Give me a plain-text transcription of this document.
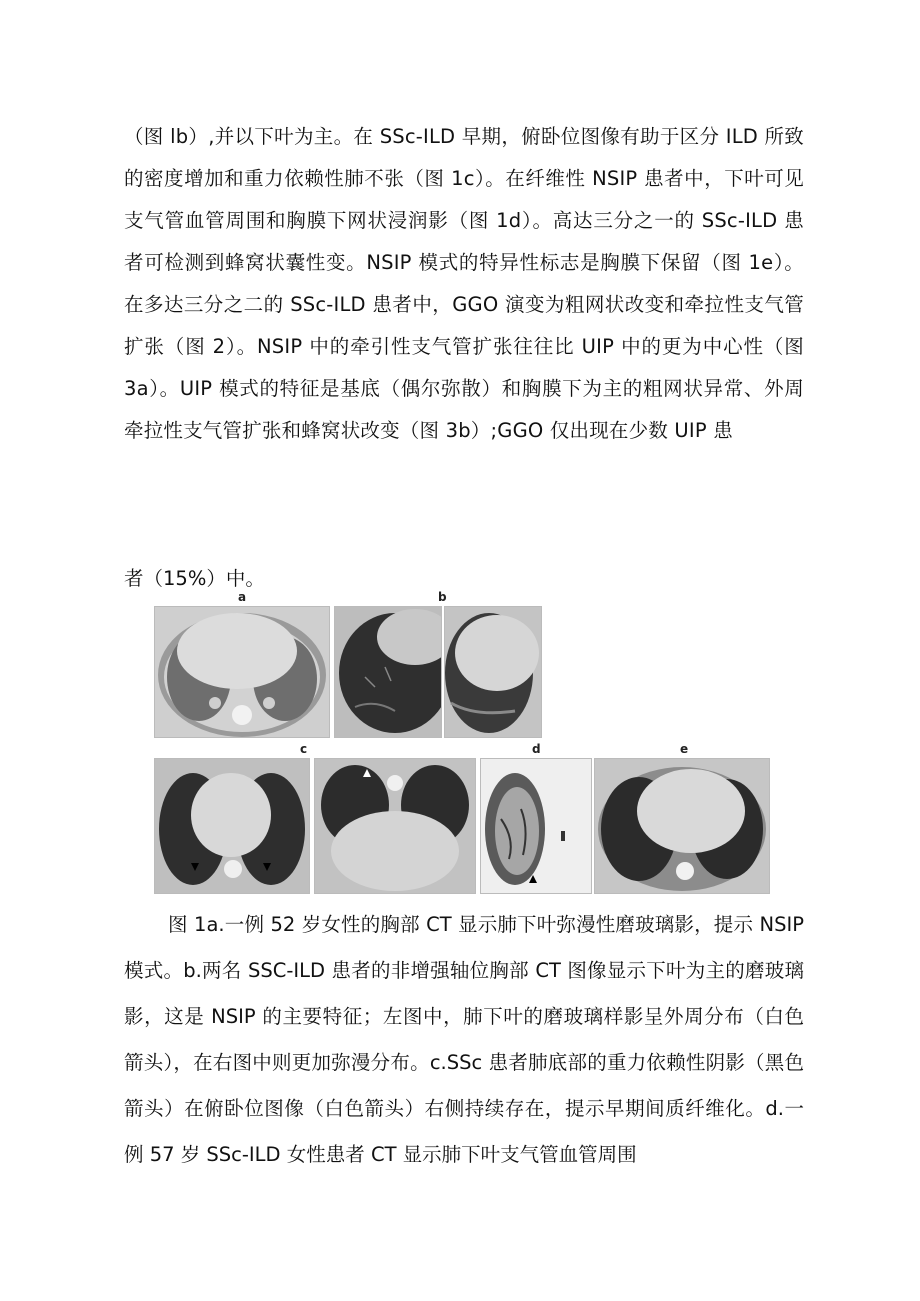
（图 lb）,并以下叶为主。在 SSc-ILD 早期，俯卧位图像有助于区分 ILD 所致的密度增加和重力依赖性肺不张（图 1c）。在纤维性 NSIP 患者中，下叶可见支气管血管周围和胸膜下网状浸润影（图 1d）。高达三分之一的 SSc-ILD 患者可检测到蜂窝状囊性变。NSIP 模式的特异性标志是胸膜下保留（图 1e）。在多达三分之二的 SSc-ILD 患者中，GGO 演变为粗网状改变和牵拉性支气管扩张（图 2）。NSIP 中的牵引性支气管扩张往往比 UIP 中的更为中心性（图 3a）。UIP 模式的特征是基底（偶尔弥散）和胸膜下为主的粗网状异常、外周牵拉性支气管扩张和蜂窝状改变（图 3b）;GGO 仅出现在少数 UIP 患

者（15%）中。

a	b
c	d	e

图 1a.一例 52 岁女性的胸部 CT 显示肺下叶弥漫性磨玻璃影，提示 NSIP 模式。b.两名 SSC-ILD 患者的非增强轴位胸部 CT 图像显示下叶为主的磨玻璃影，这是 NSIP 的主要特征；左图中，肺下叶的磨玻璃样影呈外周分布（白色箭头），在右图中则更加弥漫分布。c.SSc 患者肺底部的重力依赖性阴影（黑色箭头）在俯卧位图像（白色箭头）右侧持续存在，提示早期间质纤维化。d.一例 57 岁 SSc-ILD 女性患者 CT 显示肺下叶支气管血管周围
